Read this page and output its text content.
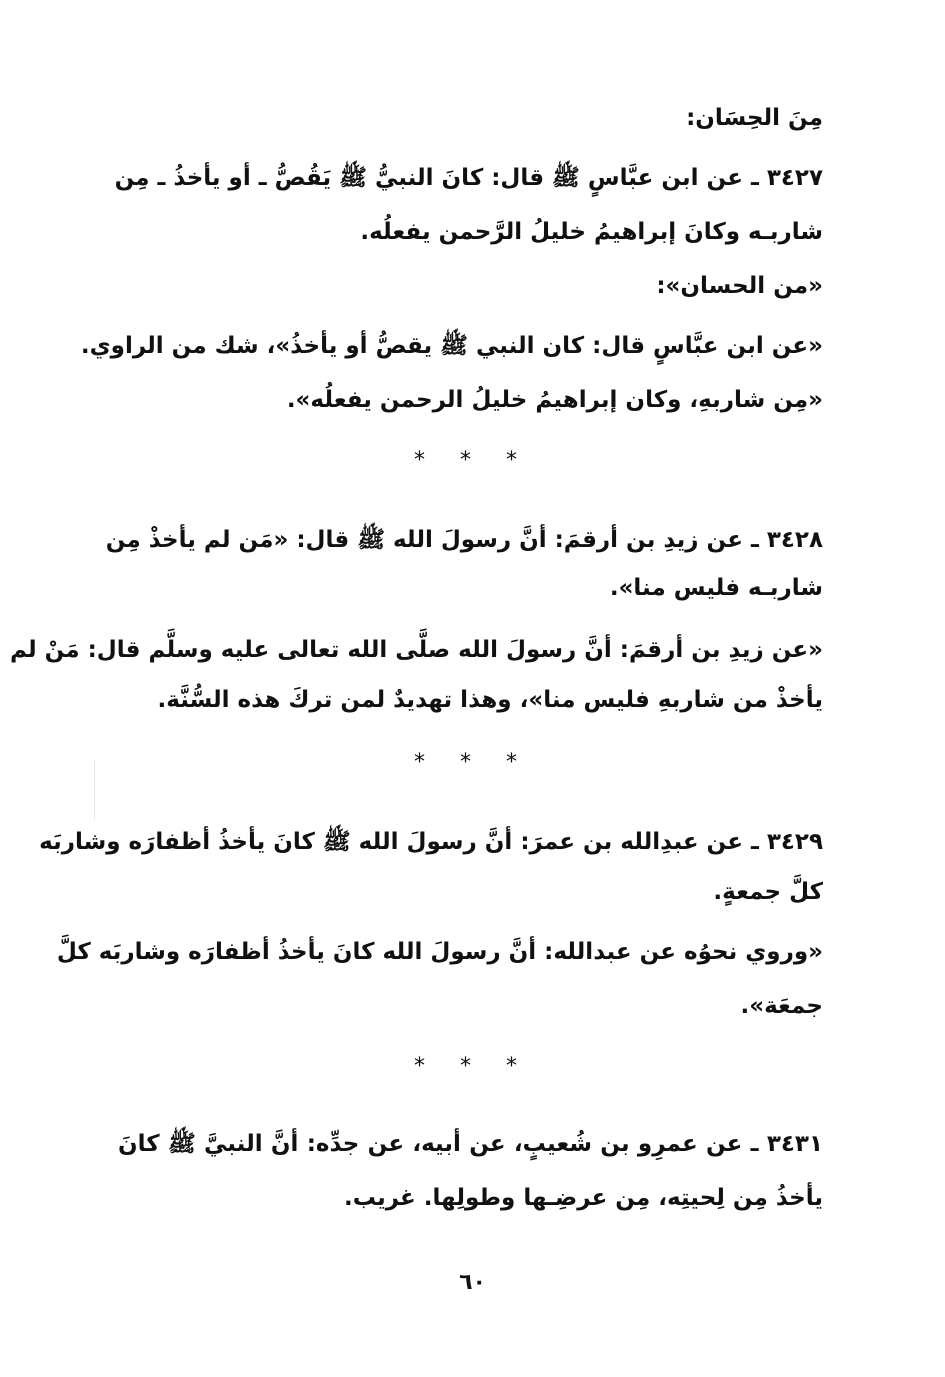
مِنَ الحِسَان:
٣٤٢٧ ـ عن ابن عبَّاسٍ ﷺ قال: كانَ النبيُّ ﷺ يَقُصُّ ـ أو يأخذُ ـ مِن
شاربـه وكانَ إبراهيمُ خليلُ الرَّحمن يفعلُه.
«من الحسان»:
«عن ابن عبَّاسٍ قال: كان النبي ﷺ يقصُّ أو يأخذُ»، شك من الراوي.
«مِن شاربهِ، وكان إبراهيمُ خليلُ الرحمن يفعلُه».
* * *
٣٤٢٨ ـ عن زيدِ بن أرقمَ: أنَّ رسولَ الله ﷺ قال: «مَن لم يأخذْ مِن
شاربـه فليس منا».
«عن زيدِ بن أرقمَ: أنَّ رسولَ الله صلَّى الله تعالى عليه وسلَّم قال: مَنْ لم
يأخذْ من شاربهِ فليس منا»، وهذا تهديدٌ لمن تركَ هذه السُّنَّة.
* * *
٣٤٢٩ ـ عن عبدِالله بن عمرَ: أنَّ رسولَ الله ﷺ كانَ يأخذُ أظفارَه وشاربَه
كلَّ جمعةٍ.
«وروي نحوُه عن عبدالله: أنَّ رسولَ الله كانَ يأخذُ أظفارَه وشاربَه كلَّ
جمعَة».
* * *
٣٤٣١ ـ عن عمرِو بن شُعيبٍ، عن أبيه، عن جدِّه: أنَّ النبيَّ ﷺ كانَ
يأخذُ مِن لِحيتِه، مِن عرضِـها وطولِها. غريب.
٦٠
